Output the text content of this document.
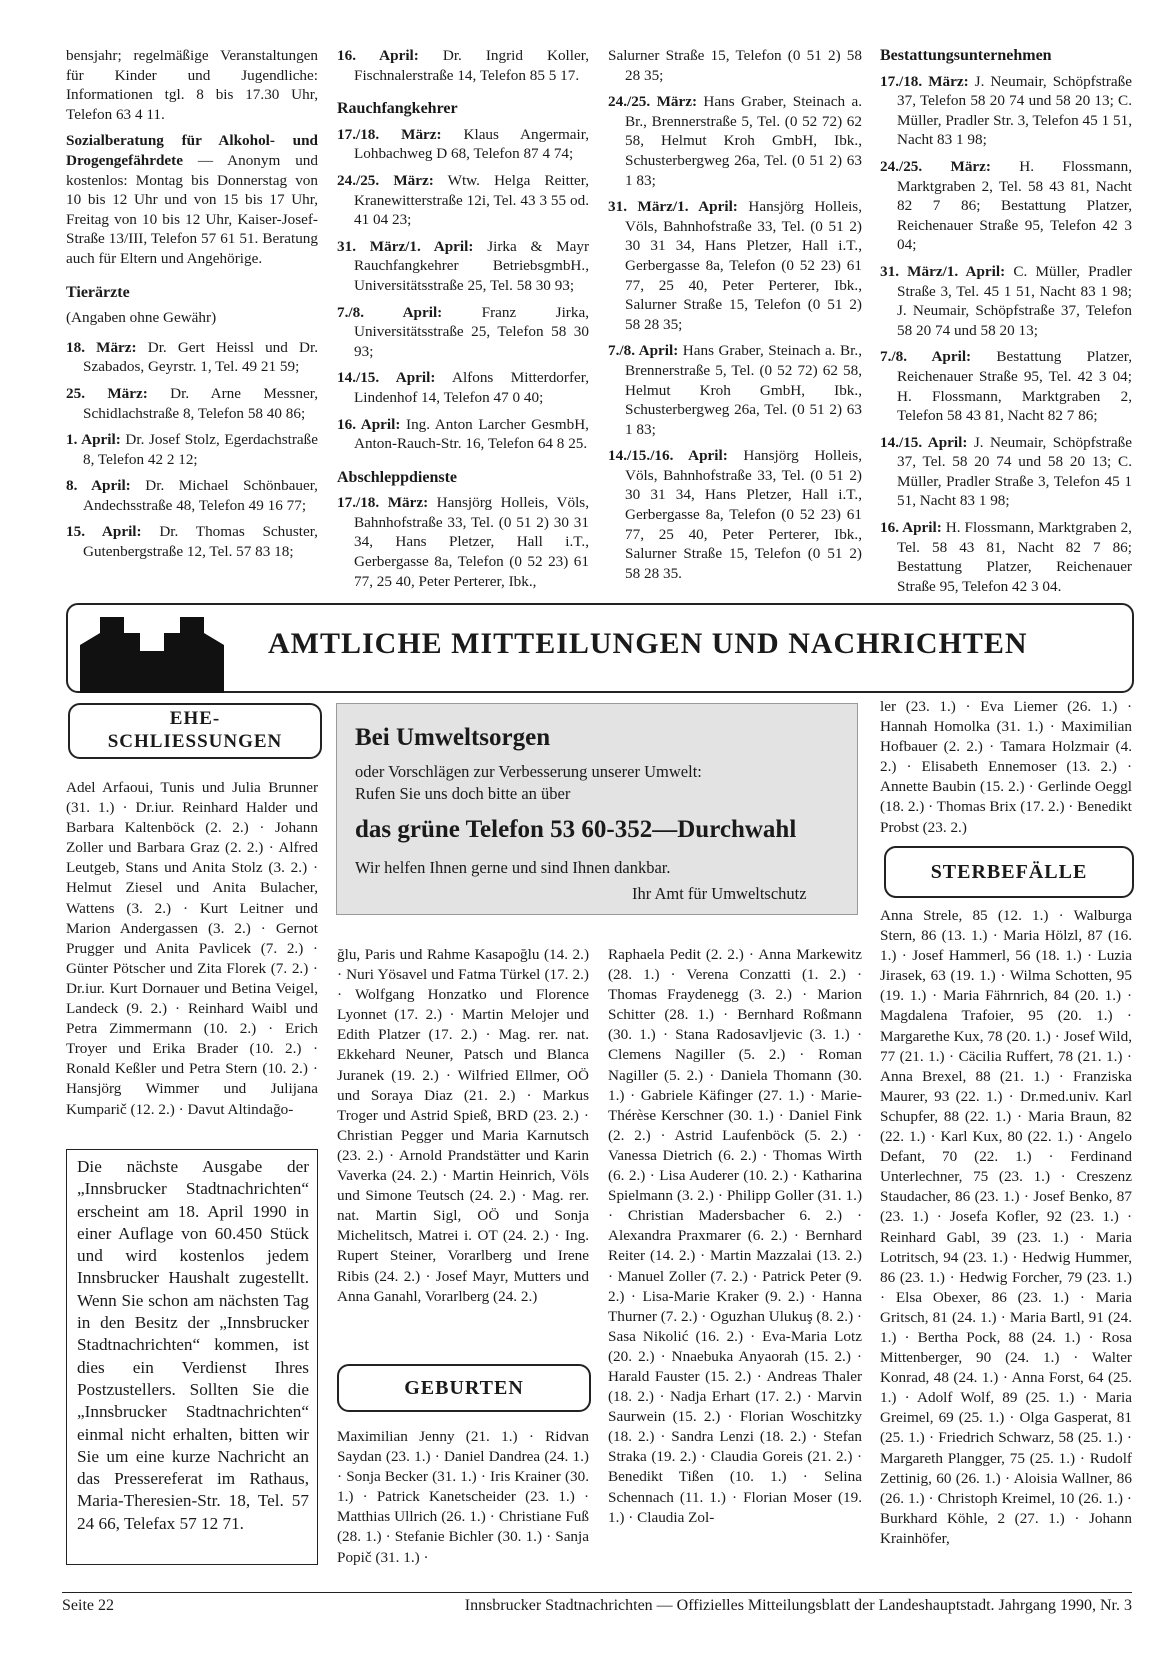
bensjahr; regelmäßige Veranstaltungen für Kinder und Jugendliche: Informationen tgl. 8 bis 17.30 Uhr, Telefon 63 4 11.

Sozialberatung für Alkohol- und Drogengefährdete — Anonym und kostenlos: Montag bis Donnerstag von 10 bis 12 Uhr und von 15 bis 17 Uhr, Freitag von 10 bis 12 Uhr, Kaiser-Josef-Straße 13/III, Telefon 57 61 51. Beratung auch für Eltern und Angehörige.

Tierärzte

(Angaben ohne Gewähr)

18. März: Dr. Gert Heissl und Dr. Szabados, Geyrstr. 1, Tel. 49 21 59;

25. März: Dr. Arne Messner, Schidlachstraße 8, Telefon 58 40 86;

1. April: Dr. Josef Stolz, Egerdachstraße 8, Telefon 42 2 12;

8. April: Dr. Michael Schönbauer, Andechsstraße 48, Telefon 49 16 77;

15. April: Dr. Thomas Schuster, Gutenbergstraße 12, Tel. 57 83 18;

16. April: Dr. Ingrid Koller, Fischnalerstraße 14, Telefon 85 5 17.

Rauchfangkehrer

17./18. März: Klaus Angermair, Lohbachweg D 68, Telefon 87 4 74;

24./25. März: Wtw. Helga Reitter, Kranewitterstraße 12i, Tel. 43 3 55 od. 41 04 23;

31. März/1. April: Jirka & Mayr Rauchfangkehrer BetriebsgmbH., Universitätsstraße 25, Tel. 58 30 93;

7./8. April: Franz Jirka, Universitätsstraße 25, Telefon 58 30 93;

14./15. April: Alfons Mitterdorfer, Lindenhof 14, Telefon 47 0 40;

16. April: Ing. Anton Larcher GesmbH, Anton-Rauch-Str. 16, Telefon 64 8 25.

Abschleppdienste

17./18. März: Hansjörg Holleis, Völs, Bahnhofstraße 33, Tel. (0 51 2) 30 31 34, Hans Pletzer, Hall i.T., Gerbergasse 8a, Telefon (0 52 23) 61 77, 25 40, Peter Perterer, Ibk.,

Salurner Straße 15, Telefon (0 51 2) 58 28 35;

24./25. März: Hans Graber, Steinach a. Br., Brennerstraße 5, Tel. (0 52 72) 62 58, Helmut Kroh GmbH, Ibk., Schusterbergweg 26a, Tel. (0 51 2) 63 1 83;

31. März/1. April: Hansjörg Holleis, Völs, Bahnhofstraße 33, Tel. (0 51 2) 30 31 34, Hans Pletzer, Hall i.T., Gerbergasse 8a, Telefon (0 52 23) 61 77, 25 40, Peter Perterer, Ibk., Salurner Straße 15, Telefon (0 51 2) 58 28 35;

7./8. April: Hans Graber, Steinach a. Br., Brennerstraße 5, Tel. (0 52 72) 62 58, Helmut Kroh GmbH, Ibk., Schusterbergweg 26a, Tel. (0 51 2) 63 1 83;

14./15./16. April: Hansjörg Holleis, Völs, Bahnhofstraße 33, Tel. (0 51 2) 30 31 34, Hans Pletzer, Hall i.T., Gerbergasse 8a, Telefon (0 52 23) 61 77, 25 40, Peter Perterer, Ibk., Salurner Straße 15, Telefon (0 51 2) 58 28 35.

Bestattungsunternehmen

17./18. März: J. Neumair, Schöpfstraße 37, Telefon 58 20 74 und 58 20 13; C. Müller, Pradler Str. 3, Telefon 45 1 51, Nacht 83 1 98;

24./25. März: H. Flossmann, Marktgraben 2, Tel. 58 43 81, Nacht 82 7 86; Bestattung Platzer, Reichenauer Straße 95, Telefon 42 3 04;

31. März/1. April: C. Müller, Pradler Straße 3, Tel. 45 1 51, Nacht 83 1 98; J. Neumair, Schöpfstraße 37, Telefon 58 20 74 und 58 20 13;

7./8. April: Bestattung Platzer, Reichenauer Straße 95, Tel. 42 3 04; H. Flossmann, Marktgraben 2, Telefon 58 43 81, Nacht 82 7 86;

14./15. April: J. Neumair, Schöpfstraße 37, Tel. 58 20 74 und 58 20 13; C. Müller, Pradler Straße 3, Telefon 45 1 51, Nacht 83 1 98;

16. April: H. Flossmann, Marktgraben 2, Tel. 58 43 81, Nacht 82 7 86; Bestattung Platzer, Reichenauer Straße 95, Telefon 42 3 04.

AMTLICHE MITTEILUNGEN UND NACHRICHTEN
EHE-
SCHLIESSUNGEN

Adel Arfaoui, Tunis und Julia Brunner (31. 1.) · Dr.iur. Reinhard Halder und Barbara Kaltenböck (2. 2.) · Johann Zoller und Barbara Graz (2. 2.) · Alfred Leutgeb, Stans und Anita Stolz (3. 2.) · Helmut Ziesel und Anita Bulacher, Wattens (3. 2.) · Kurt Leitner und Marion Andergassen (3. 2.) · Gernot Prugger und Anita Pavlicek (7. 2.) · Günter Pötscher und Zita Florek (7. 2.) · Dr.iur. Kurt Dornauer und Betina Veigel, Landeck (9. 2.) · Reinhard Waibl und Petra Zimmermann (10. 2.) · Erich Troyer und Erika Brader (10. 2.) · Ronald Keßler und Petra Stern (10. 2.) · Hansjörg Wimmer und Julijana Kumparič (12. 2.) · Davut Altindağo-

Bei Umweltsorgen
oder Vorschlägen zur Verbesserung unserer Umwelt:
Rufen Sie uns doch bitte an über
das grüne Telefon 53 60-352—Durchwahl
Wir helfen Ihnen gerne und sind Ihnen dankbar.
Ihr Amt für Umweltschutz

ğlu, Paris und Rahme Kasapoğlu (14. 2.) · Nuri Yösavel und Fatma Türkel (17. 2.) · Wolfgang Honzatko und Florence Lyonnet (17. 2.) · Martin Melojer und Edith Platzer (17. 2.) · Mag. rer. nat. Ekkehard Neuner, Patsch und Blanca Juranek (19. 2.) · Wilfried Ellmer, OÖ und Soraya Diaz (21. 2.) · Markus Troger und Astrid Spieß, BRD (23. 2.) · Christian Pegger und Maria Karnutsch (23. 2.) · Arnold Prandstätter und Karin Vaverka (24. 2.) · Martin Heinrich, Völs und Simone Teutsch (24. 2.) · Mag. rer. nat. Martin Sigl, OÖ und Sonja Michelitsch, Matrei i. OT (24. 2.) · Ing. Rupert Steiner, Vorarlberg und Irene Ribis (24. 2.) · Josef Mayr, Mutters und Anna Ganahl, Vorarlberg (24. 2.)

Die nächste Ausgabe der „Innsbrucker Stadtnachrichten“ erscheint am 18. April 1990 in einer Auflage von 60.450 Stück und wird kostenlos jedem Innsbrucker Haushalt zugestellt. Wenn Sie schon am nächsten Tag in den Besitz der „Innsbrucker Stadtnachrichten“ kommen, ist dies ein Verdienst Ihres Postzustellers. Sollten Sie die „Innsbrucker Stadtnachrichten“ einmal nicht erhalten, bitten wir Sie um eine kurze Nachricht an das Pressereferat im Rathaus, Maria-Theresien-Str. 18, Tel. 57 24 66, Telefax 57 12 71.
GEBURTEN

Maximilian Jenny (21. 1.) · Ridvan Saydan (23. 1.) · Daniel Dandrea (24. 1.) · Sonja Becker (31. 1.) · Iris Krainer (30. 1.) · Patrick Kanetscheider (23. 1.) · Matthias Ullrich (26. 1.) · Christiane Fuß (28. 1.) · Stefanie Bichler (30. 1.) · Sanja Popič (31. 1.) ·

Raphaela Pedit (2. 2.) · Anna Markewitz (28. 1.) · Verena Conzatti (1. 2.) · Thomas Fraydenegg (3. 2.) · Marion Schitter (28. 1.) · Bernhard Roßmann (30. 1.) · Stana Radosavljevic (3. 1.) · Clemens Nagiller (5. 2.) · Roman Nagiller (5. 2.) · Daniela Thomann (30. 1.) · Gabriele Käfinger (27. 1.) · Marie-Thérèse Kerschner (30. 1.) · Daniel Fink (2. 2.) · Astrid Laufenböck (5. 2.) · Vanessa Dietrich (6. 2.) · Thomas Wirth (6. 2.) · Lisa Auderer (10. 2.) · Katharina Spielmann (3. 2.) · Philipp Goller (31. 1.) · Christian Madersbacher 6. 2.) · Alexandra Praxmarer (6. 2.) · Bernhard Reiter (14. 2.) · Martin Mazzalai (13. 2.) · Manuel Zoller (7. 2.) · Patrick Peter (9. 2.) · Lisa-Marie Kraker (9. 2.) · Hanna Thurner (7. 2.) · Oguzhan Ulukuş (8. 2.) · Sasa Nikolić (16. 2.) · Eva-Maria Lotz (20. 2.) · Nnaebuka Anyaorah (15. 2.) · Harald Fauster (15. 2.) · Andreas Thaler (18. 2.) · Nadja Erhart (17. 2.) · Marvin Saurwein (15. 2.) · Florian Woschitzky (18. 2.) · Sandra Lenzi (18. 2.) · Stefan Straka (19. 2.) · Claudia Goreis (21. 2.) · Benedikt Tißen (10. 1.) · Selina Schennach (11. 1.) · Florian Moser (19. 1.) · Claudia Zol-

ler (23. 1.) · Eva Liemer (26. 1.) · Hannah Homolka (31. 1.) · Maximilian Hofbauer (2. 2.) · Tamara Holzmair (4. 2.) · Elisabeth Ennemoser (13. 2.) · Annette Baubin (15. 2.) · Gerlinde Oeggl (18. 2.) · Thomas Brix (17. 2.) · Benedikt Probst (23. 2.)

STERBEFÄLLE

Anna Strele, 85 (12. 1.) · Walburga Stern, 86 (13. 1.) · Maria Hölzl, 87 (16. 1.) · Josef Hammerl, 56 (18. 1.) · Luzia Jirasek, 63 (19. 1.) · Wilma Schotten, 95 (19. 1.) · Maria Fährnrich, 84 (20. 1.) · Magdalena Trafoier, 95 (20. 1.) · Margarethe Kux, 78 (20. 1.) · Josef Wild, 77 (21. 1.) · Cäcilia Ruffert, 78 (21. 1.) · Anna Brexel, 88 (21. 1.) · Franziska Maurer, 93 (22. 1.) · Dr.med.univ. Karl Schupfer, 88 (22. 1.) · Maria Braun, 82 (22. 1.) · Karl Kux, 80 (22. 1.) · Angelo Defant, 70 (22. 1.) · Ferdinand Unterlechner, 75 (23. 1.) · Creszenz Staudacher, 86 (23. 1.) · Josef Benko, 87 (23. 1.) · Josefa Kofler, 92 (23. 1.) · Reinhard Gabl, 39 (23. 1.) · Maria Lotritsch, 94 (23. 1.) · Hedwig Hummer, 86 (23. 1.) · Hedwig Forcher, 79 (23. 1.) · Elsa Obexer, 86 (23. 1.) · Maria Gritsch, 81 (24. 1.) · Maria Bartl, 91 (24. 1.) · Bertha Pock, 88 (24. 1.) · Rosa Mittenberger, 90 (24. 1.) · Walter Konrad, 48 (24. 1.) · Anna Forst, 64 (25. 1.) · Adolf Wolf, 89 (25. 1.) · Maria Greimel, 69 (25. 1.) · Olga Gasperat, 81 (25. 1.) · Friedrich Schwarz, 58 (25. 1.) · Margareth Plangger, 75 (25. 1.) · Rudolf Zettinig, 60 (26. 1.) · Aloisia Wallner, 86 (26. 1.) · Christoph Kreimel, 10 (26. 1.) · Burkhard Köhle, 2 (27. 1.) · Johann Krainhöfer,

Seite 22	Innsbrucker Stadtnachrichten — Offizielles Mitteilungsblatt der Landeshauptstadt. Jahrgang 1990, Nr. 3
